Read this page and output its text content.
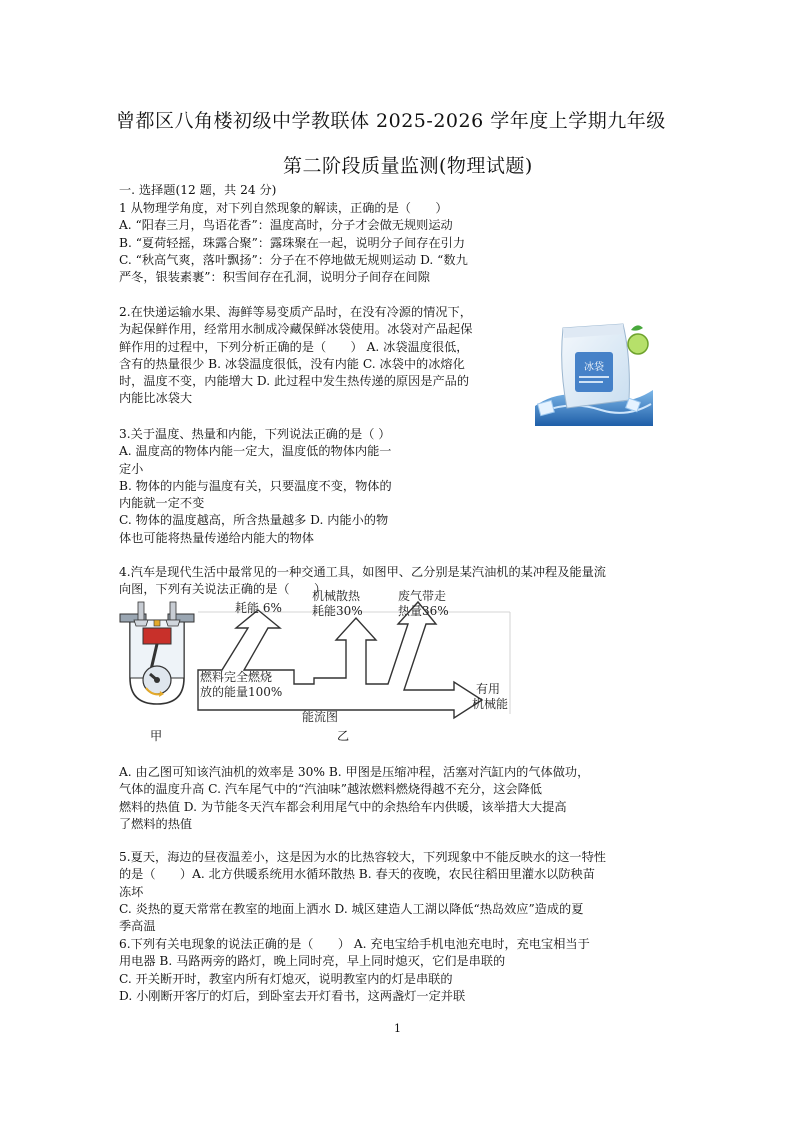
曾都区八角楼初级中学教联体 2025-2026 学年度上学期九年级
第二阶段质量监测(物理试题)
一. 选择题(12 题，共 24 分)
1 从物理学角度，对下列自然现象的解读，正确的是（　　）
A. “阳春三月，鸟语花香”：温度高时，分子才会做无规则运动
B. “夏荷轻摇，珠露合聚”：露珠聚在一起，说明分子间存在引力
C. “秋高气爽，落叶飘扬”：分子在不停地做无规则运动 D. “数九
严冬，银装素裹”：积雪间存在孔洞，说明分子间存在间隙
2.在快递运输水果、海鲜等易变质产品时，在没有冷源的情况下，
为起保鲜作用，经常用水制成冷藏保鲜冰袋使用。冰袋对产品起保
鲜作用的过程中，下列分析正确的是（　　） A. 冰袋温度很低，
含有的热量很少 B. 冰袋温度很低，没有内能 C. 冰袋中的冰熔化
时，温度不变，内能增大 D. 此过程中发生热传递的原因是产品的
内能比冰袋大
冰袋
3.关于温度、热量和内能，下列说法正确的是（ ）
A. 温度高的物体内能一定大，温度低的物体内能一
定小
B. 物体的内能与温度有关，只要温度不变，物体的
内能就一定不变
C. 物体的温度越高，所含热量越多 D. 内能小的物
体也可能将热量传递给内能大的物体
4.汽车是现代生活中最常见的一种交通工具，如图甲、乙分别是某汽油机的某冲程及能量流
向图，下列有关说法正确的是（　　）
甲
燃料完全燃烧
放的能量100%
耗能 6%
机械散热
耗能30%
废气带走
热量36%
有用
机械能
能流图
乙
A. 由乙图可知该汽油机的效率是 30% B. 甲图是压缩冲程，活塞对汽缸内的气体做功，
气体的温度升高 C. 汽车尾气中的“汽油味”越浓燃料燃烧得越不充分，这会降低
燃料的热值 D. 为节能冬天汽车都会利用尾气中的余热给车内供暖，该举措大大提高
了燃料的热值
5.夏天，海边的昼夜温差小，这是因为水的比热容较大，下列现象中不能反映水的这一特性
的是（　　）A. 北方供暖系统用水循环散热 B. 春天的夜晚，农民往稻田里灌水以防秧苗
冻坏
C. 炎热的夏天常常在教室的地面上洒水 D. 城区建造人工湖以降低“热岛效应”造成的夏
季高温
6.下列有关电现象的说法正确的是（　　） A. 充电宝给手机电池充电时，充电宝相当于
用电器 B. 马路两旁的路灯，晚上同时亮，早上同时熄灭，它们是串联的
C. 开关断开时，教室内所有灯熄灭，说明教室内的灯是串联的
D. 小刚断开客厅的灯后，到卧室去开灯看书，这两盏灯一定并联
1
